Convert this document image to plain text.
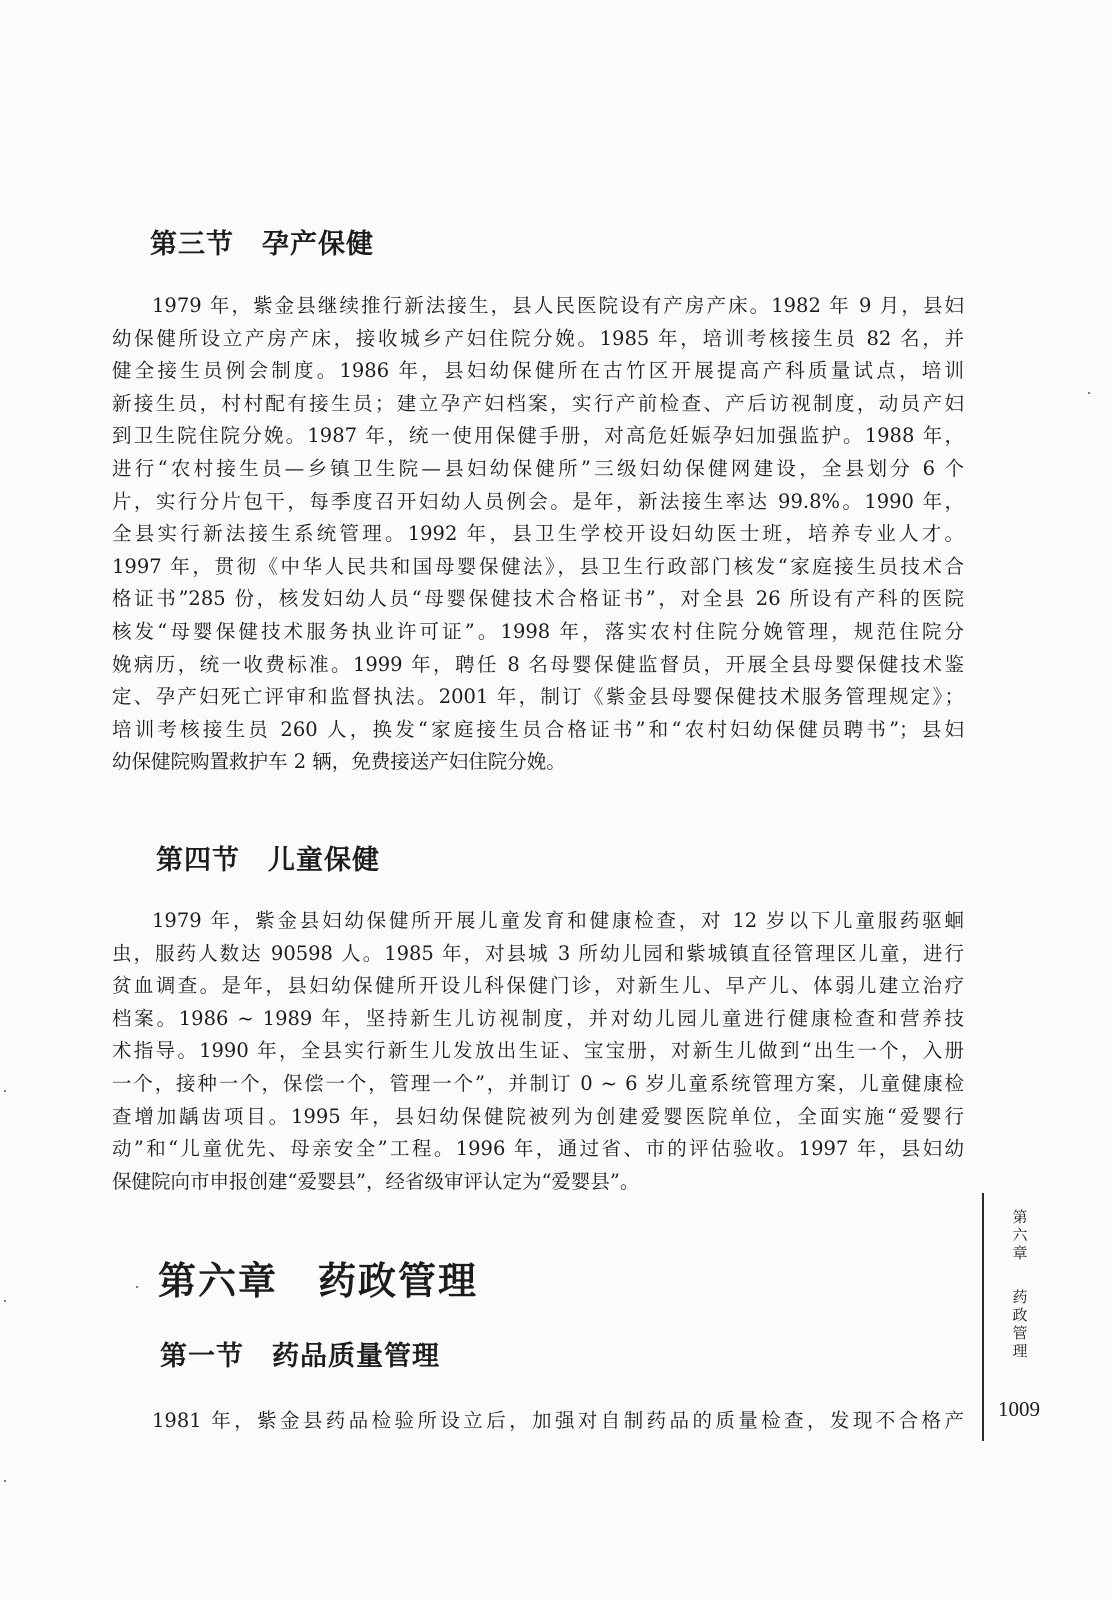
第三节　孕产保健
1979 年，紫金县继续推行新法接生，县人民医院设有产房产床。1982 年 9 月，县妇
幼保健所设立产房产床，接收城乡产妇住院分娩。1985 年，培训考核接生员 82 名，并
健全接生员例会制度。1986 年，县妇幼保健所在古竹区开展提高产科质量试点，培训
新接生员，村村配有接生员；建立孕产妇档案，实行产前检查、产后访视制度，动员产妇
到卫生院住院分娩。1987 年，统一使用保健手册，对高危妊娠孕妇加强监护。1988 年，
进行“农村接生员—乡镇卫生院—县妇幼保健所”三级妇幼保健网建设，全县划分 6 个
片，实行分片包干，每季度召开妇幼人员例会。是年，新法接生率达 99.8%。1990 年，
全县实行新法接生系统管理。1992 年，县卫生学校开设妇幼医士班，培养专业人才。
1997 年，贯彻《中华人民共和国母婴保健法》，县卫生行政部门核发“家庭接生员技术合
格证书”285 份，核发妇幼人员“母婴保健技术合格证书”，对全县 26 所设有产科的医院
核发“母婴保健技术服务执业许可证”。1998 年，落实农村住院分娩管理，规范住院分
娩病历，统一收费标准。1999 年，聘任 8 名母婴保健监督员，开展全县母婴保健技术鉴
定、孕产妇死亡评审和监督执法。2001 年，制订《紫金县母婴保健技术服务管理规定》；
培训考核接生员 260 人，换发“家庭接生员合格证书”和“农村妇幼保健员聘书”；县妇
幼保健院购置救护车 2 辆，免费接送产妇住院分娩。
第四节　儿童保健
1979 年，紫金县妇幼保健所开展儿童发育和健康检查，对 12 岁以下儿童服药驱蛔
虫，服药人数达 90598 人。1985 年，对县城 3 所幼儿园和紫城镇直径管理区儿童，进行
贫血调查。是年，县妇幼保健所开设儿科保健门诊，对新生儿、早产儿、体弱儿建立治疗
档案。1986 ~ 1989 年，坚持新生儿访视制度，并对幼儿园儿童进行健康检查和营养技
术指导。1990 年，全县实行新生儿发放出生证、宝宝册，对新生儿做到“出生一个，入册
一个，接种一个，保偿一个，管理一个”，并制订 0 ~ 6 岁儿童系统管理方案，儿童健康检
查增加龋齿项目。1995 年，县妇幼保健院被列为创建爱婴医院单位，全面实施“爱婴行
动”和“儿童优先、母亲安全”工程。1996 年，通过省、市的评估验收。1997 年，县妇幼
保健院向市申报创建“爱婴县”，经省级审评认定为“爱婴县”。
第六章　药政管理
第一节　药品质量管理
1981 年，紫金县药品检验所设立后，加强对自制药品的质量检查，发现不合格产
第
六
章
药
政
管
理

1009
